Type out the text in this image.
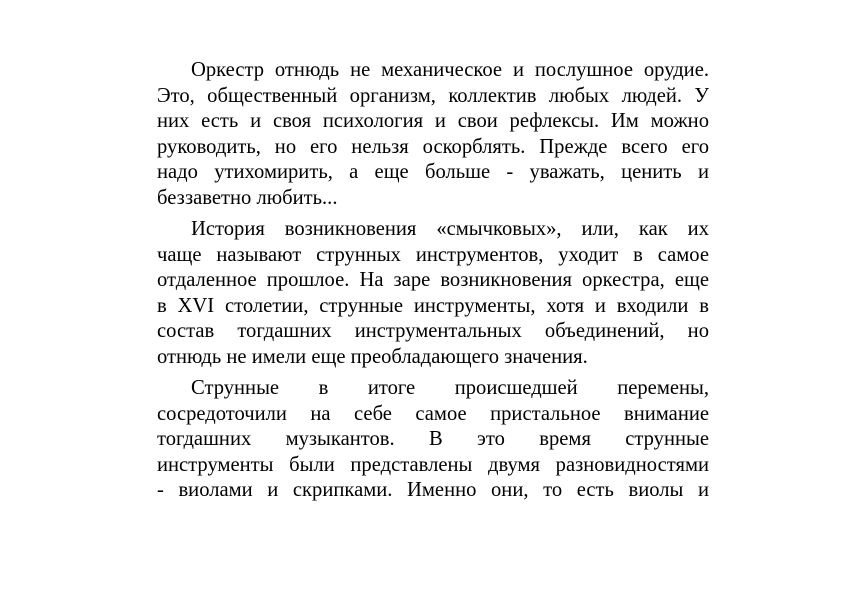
Оркестр отнюдь не механическое и послушное орудие.
Это, общественный организм, коллектив любых людей. У
них есть и своя психология и свои рефлексы. Им можно
руководить, но его нельзя оскорблять. Прежде всего его
надо утихомирить, а еще больше - уважать, ценить и
беззаветно любить...

История возникновения «смычковых», или, как их
чаще называют струнных инструментов, уходит в самое
отдаленное прошлое. На заре возникновения оркестра, еще
в XVI столетии, струнные инструменты, хотя и входили в
состав тогдашних инструментальных объединений, но
отнюдь не имели еще преобладающего значения.

Струнные в итоге происшедшей перемены,
сосредоточили на себе самое пристальное внимание
тогдашних музыкантов. В это время струнные
инструменты были представлены двумя разновидностями
- виолами и скрипками. Именно они, то есть виолы и
